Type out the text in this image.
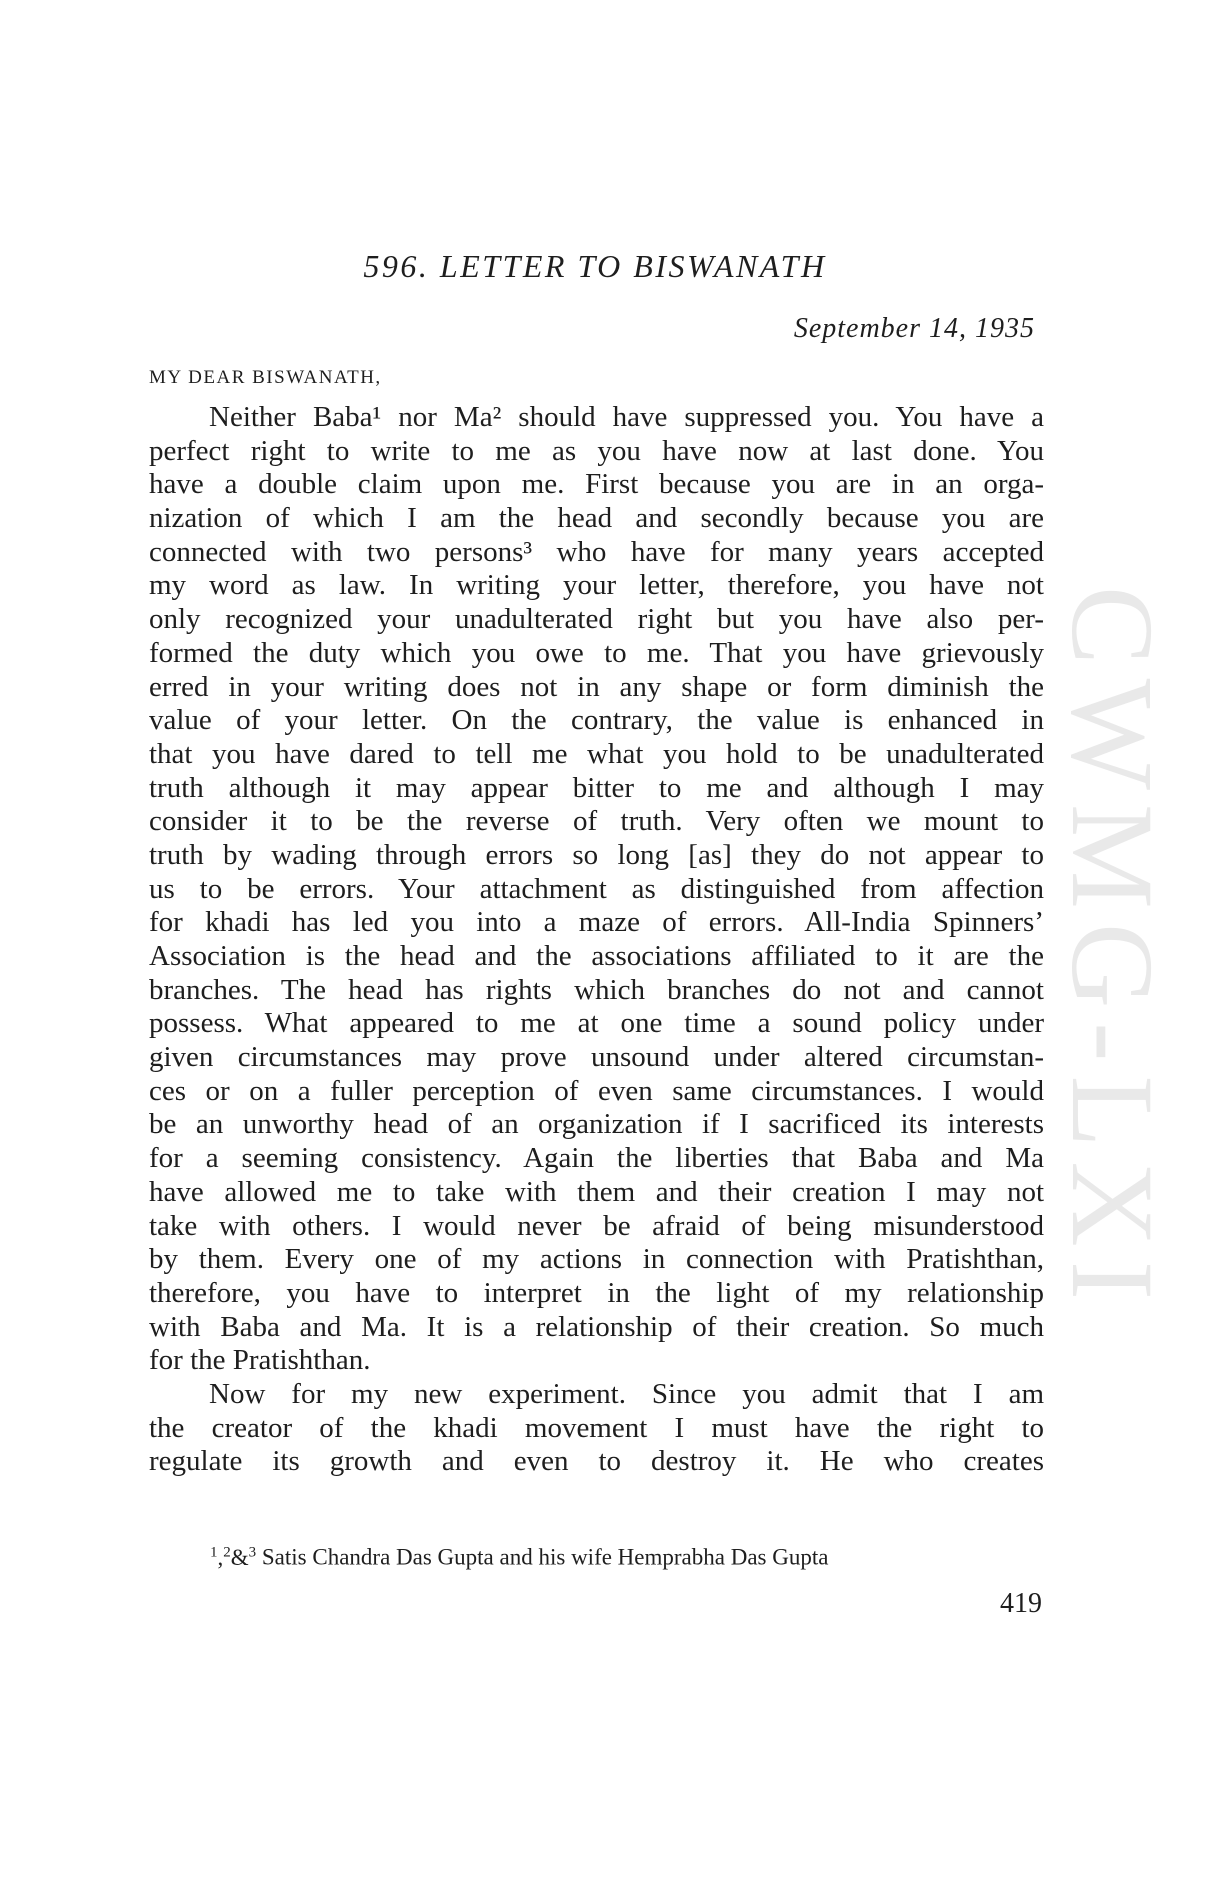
CWMG-LXI
596. LETTER TO BISWANATH
September 14, 1935
MY DEAR BISWANATH,
Neither Baba¹ nor Ma² should have suppressed you. You have a
perfect right to write to me as you have now at last done. You
have a double claim upon me. First because you are in an orga-
nization of which I am the head and secondly because you are
connected with two persons³ who have for many years accepted
my word as law. In writing your letter, therefore, you have not
only recognized your unadulterated right but you have also per-
formed the duty which you owe to me. That you have grievously
erred in your writing does not in any shape or form diminish the
value of your letter. On the contrary, the value is enhanced in
that you have dared to tell me what you hold to be unadulterated
truth although it may appear bitter to me and although I may
consider it to be the reverse of truth. Very often we mount to
truth by wading through errors so long [as] they do not appear to
us to be errors. Your attachment as distinguished from affection
for khadi has led you into a maze of errors. All-India Spinners’
Association is the head and the associations affiliated to it are the
branches. The head has rights which branches do not and cannot
possess. What appeared to me at one time a sound policy under
given circumstances may prove unsound under altered circumstan-
ces or on a fuller perception of even same circumstances. I would
be an unworthy head of an organization if I sacrificed its interests
for a seeming consistency. Again the liberties that Baba and Ma
have allowed me to take with them and their creation I may not
take with others. I would never be afraid of being misunderstood
by them. Every one of my actions in connection with Pratishthan,
therefore, you have to interpret in the light of my relationship
with Baba and Ma. It is a relationship of their creation. So much
for the Pratishthan.
Now for my new experiment. Since you admit that I am
the creator of the khadi movement I must have the right to
regulate its growth and even to destroy it. He who creates
$^1$,$^2$&$^3$ Satis Chandra Das Gupta and his wife Hemprabha Das Gupta
419
